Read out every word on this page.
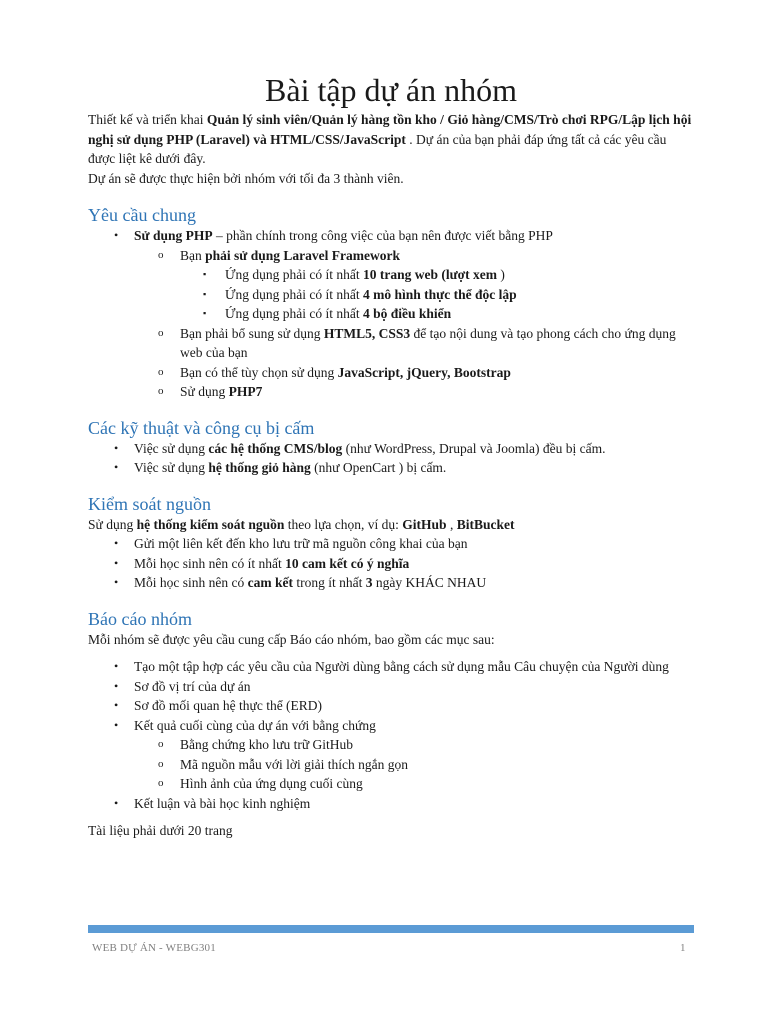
Bài tập dự án nhóm

Thiết kế và triển khai Quản lý sinh viên/Quản lý hàng tồn kho / Giỏ hàng/CMS/Trò chơi RPG/Lập lịch hội nghị sử dụng PHP (Laravel) và HTML/CSS/JavaScript . Dự án của bạn phải đáp ứng tất cả các yêu cầu được liệt kê dưới đây.

Dự án sẽ được thực hiện bởi nhóm với tối đa 3 thành viên.

Yêu cầu chung
• Sử dụng PHP – phần chính trong công việc của bạn nên được viết bằng PHP
o Bạn phải sử dụng Laravel Framework
▪ Ứng dụng phải có ít nhất 10 trang web (lượt xem )
▪ Ứng dụng phải có ít nhất 4 mô hình thực thể độc lập
▪ Ứng dụng phải có ít nhất 4 bộ điều khiển
o Bạn phải bổ sung sử dụng HTML5, CSS3 để tạo nội dung và tạo phong cách cho ứng dụng web của bạn
o Bạn có thể tùy chọn sử dụng JavaScript, jQuery, Bootstrap
o Sử dụng PHP7
Các kỹ thuật và công cụ bị cấm
• Việc sử dụng các hệ thống CMS/blog (như WordPress, Drupal và Joomla) đều bị cấm.
• Việc sử dụng hệ thống giỏ hàng (như OpenCart ) bị cấm.
Kiểm soát nguồn

Sử dụng hệ thống kiểm soát nguồn theo lựa chọn, ví dụ: GitHub , BitBucket

• Gửi một liên kết đến kho lưu trữ mã nguồn công khai của bạn
• Mỗi học sinh nên có ít nhất 10 cam kết có ý nghĩa
• Mỗi học sinh nên có cam kết trong ít nhất 3 ngày KHÁC NHAU
Báo cáo nhóm

Mỗi nhóm sẽ được yêu cầu cung cấp Báo cáo nhóm, bao gồm các mục sau:

• Tạo một tập hợp các yêu cầu của Người dùng bằng cách sử dụng mẫu Câu chuyện của Người dùng
• Sơ đồ vị trí của dự án
• Sơ đồ mối quan hệ thực thể (ERD)
• Kết quả cuối cùng của dự án với bằng chứng
o Bằng chứng kho lưu trữ GitHub
o Mã nguồn mẫu với lời giải thích ngắn gọn
o Hình ảnh của ứng dụng cuối cùng
• Kết luận và bài học kinh nghiệm

Tài liệu phải dưới 20 trang

WEB DỰ ÁN - WEBG301	1
